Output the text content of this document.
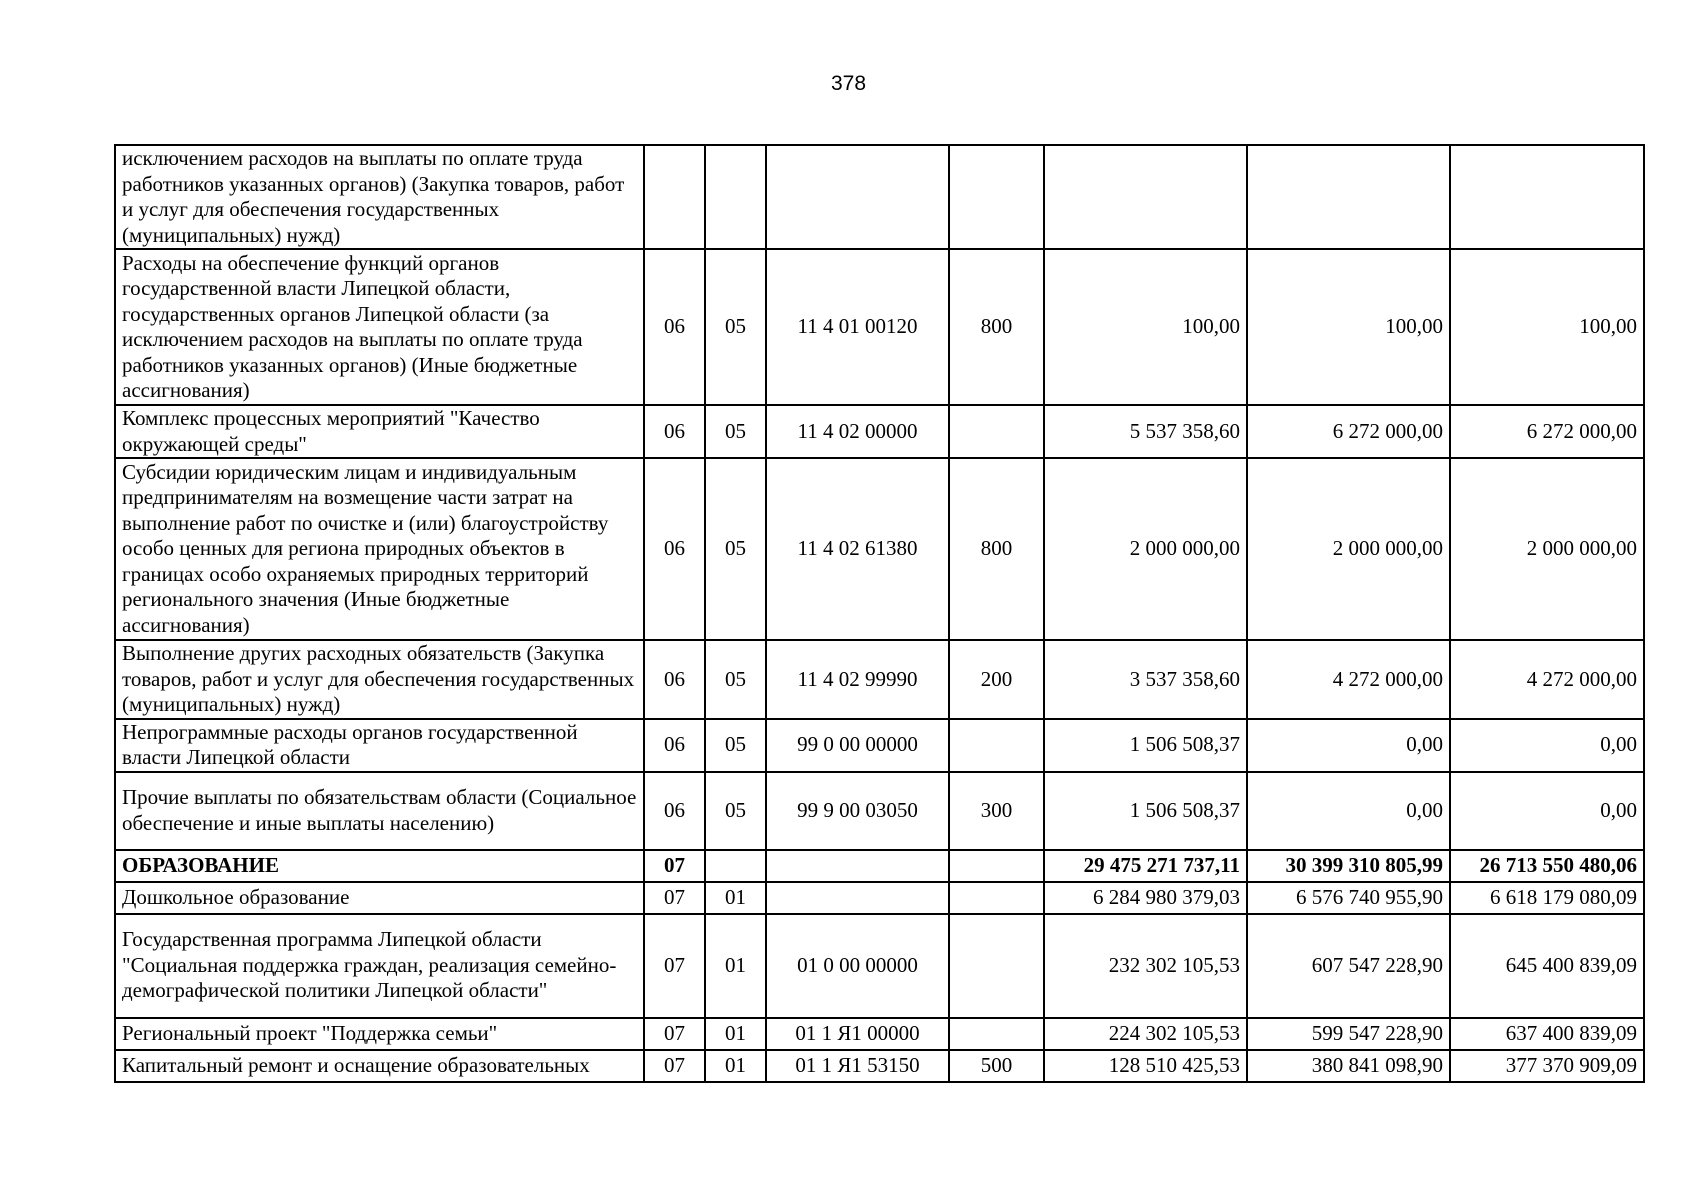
378
исключением расходов на выплаты по оплате труда работников указанных органов) (Закупка товаров, работ и услуг для обеспечения государственных (муниципальных) нужд)							
Расходы на обеспечение функций органов государственной власти Липецкой области, государственных органов Липецкой области (за исключением расходов на выплаты по оплате труда работников указанных органов) (Иные бюджетные ассигнования)	06	05	11 4 01 00120	800	100,00	100,00	100,00
Комплекс процессных мероприятий "Качество окружающей среды"	06	05	11 4 02 00000		5 537 358,60	6 272 000,00	6 272 000,00
Субсидии юридическим лицам и индивидуальным предпринимателям на возмещение части затрат на выполнение работ по очистке и (или) благоустройству особо ценных для региона природных объектов в границах особо охраняемых природных территорий регионального значения (Иные бюджетные ассигнования)	06	05	11 4 02 61380	800	2 000 000,00	2 000 000,00	2 000 000,00
Выполнение других расходных обязательств (Закупка товаров, работ и услуг для обеспечения государственных (муниципальных) нужд)	06	05	11 4 02 99990	200	3 537 358,60	4 272 000,00	4 272 000,00
Непрограммные расходы органов государственной власти Липецкой области	06	05	99 0 00 00000		1 506 508,37	0,00	0,00
Прочие выплаты по обязательствам области (Социальное обеспечение и иные выплаты населению)	06	05	99 9 00 03050	300	1 506 508,37	0,00	0,00
ОБРАЗОВАНИЕ	07				29 475 271 737,11	30 399 310 805,99	26 713 550 480,06
Дошкольное образование	07	01			6 284 980 379,03	6 576 740 955,90	6 618 179 080,09
Государственная программа Липецкой области "Социальная поддержка граждан, реализация семейно-демографической политики Липецкой области"	07	01	01 0 00 00000		232 302 105,53	607 547 228,90	645 400 839,09
Региональный проект "Поддержка семьи"	07	01	01 1 Я1 00000		224 302 105,53	599 547 228,90	637 400 839,09
Капитальный ремонт и оснащение образовательных	07	01	01 1 Я1 53150	500	128 510 425,53	380 841 098,90	377 370 909,09
